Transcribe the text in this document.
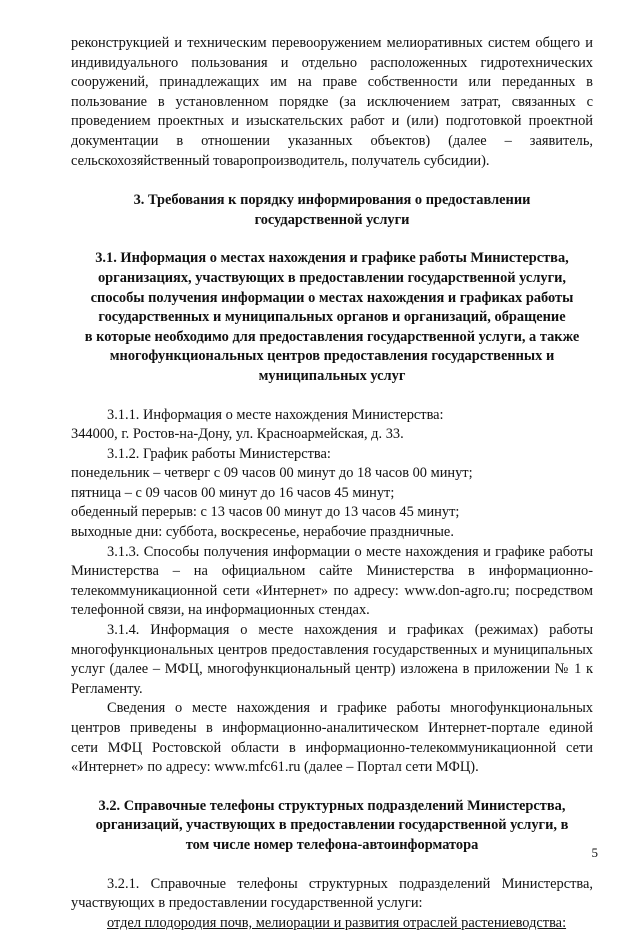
реконструкцией и техническим перевооружением мелиоративных систем общего и индивидуального пользования и отдельно расположенных гидротехнических сооружений, принадлежащих им на праве собственности или переданных в пользование в установленном порядке (за исключением затрат, связанных с проведением проектных и изыскательских работ и (или) подготовкой проектной документации в отношении указанных объектов) (далее – заявитель, сельскохозяйственный товаропроизводитель, получатель субсидии).

3. Требования к порядку информирования о предоставлении
государственной услуги

3.1. Информация о местах нахождения и графике работы Министерства,
организациях, участвующих в предоставлении государственной услуги,
способы получения информации о местах нахождения и графиках работы
государственных и муниципальных органов и организаций, обращение
в которые необходимо для предоставления государственной услуги, а также
многофункциональных центров предоставления государственных и
муниципальных услуг

3.1.1. Информация о месте нахождения Министерства:

344000, г. Ростов-на-Дону, ул. Красноармейская, д. 33.

3.1.2. График работы Министерства:

понедельник – четверг с 09 часов 00 минут до 18 часов 00 минут;

пятница – с 09 часов 00 минут до 16 часов 45 минут;

обеденный перерыв: с 13 часов 00 минут до 13 часов 45 минут;

выходные дни: суббота, воскресенье, нерабочие праздничные.

3.1.3. Способы получения информации о месте нахождения и графике работы Министерства – на официальном сайте Министерства в информационно- телекоммуникационной сети «Интернет» по адресу: www.don-agro.ru; посредством телефонной связи, на информационных стендах.

3.1.4. Информация о месте нахождения и графиках (режимах) работы многофункциональных центров предоставления государственных и муниципальных услуг (далее – МФЦ, многофункциональный центр) изложена в приложении № 1 к Регламенту.

Сведения о месте нахождения и графике работы многофункциональных центров приведены в информационно-аналитическом Интернет-портале единой сети МФЦ Ростовской области в информационно-телекоммуникационной сети «Интернет» по адресу: www.mfc61.ru (далее – Портал сети МФЦ).

3.2. Справочные телефоны структурных подразделений Министерства,
организаций, участвующих в предоставлении государственной услуги, в
том числе номер телефона-автоинформатора

3.2.1. Справочные телефоны структурных подразделений Министерства, участвующих в предоставлении государственной услуги:

отдел плодородия почв, мелиорации и развития отраслей растениеводства:

5
